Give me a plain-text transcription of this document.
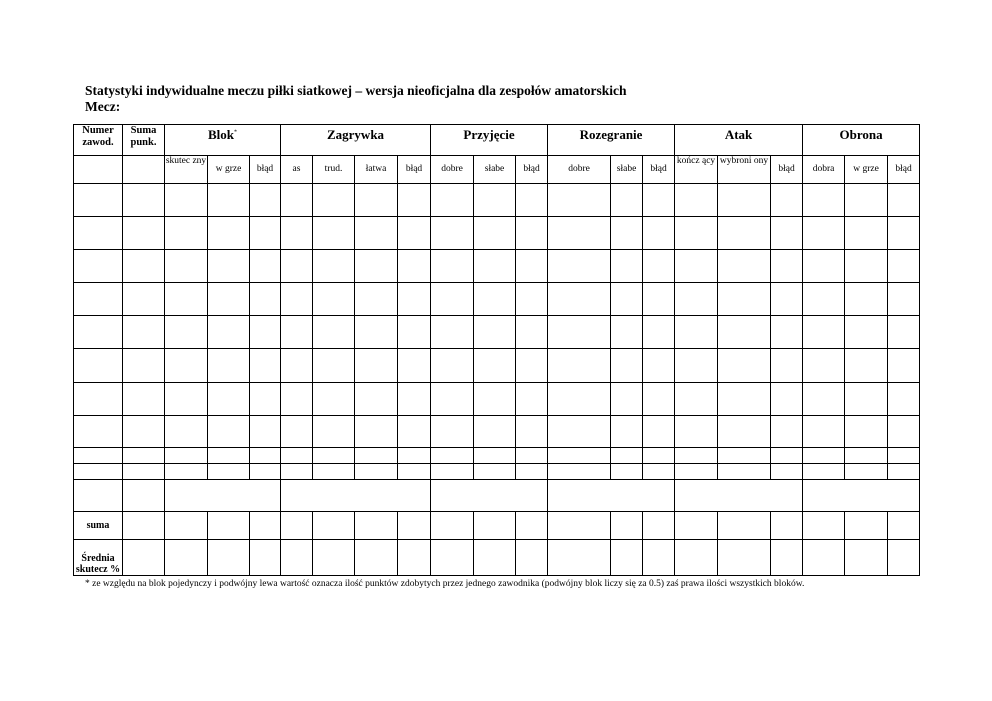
Statystyki indywidualne meczu piłki siatkowej – wersja nieoficjalna dla zespołów amatorskich
Mecz:
Numer zawod.	Suma punk.	Blok*			Zagrywka				Przyjęcie			Rozegranie			Atak			Obrona		
		skutec zny	w grze	błąd	as	trud.	łatwa	błąd	dobre	słabe	błąd	dobre	słabe	błąd	kończ ący	wybroni ony	błąd	dobra	w grze	błąd

suma																				
Średnia skutecz %																				
* ze względu na blok pojedynczy i podwójny lewa wartość oznacza ilość punktów zdobytych przez jednego zawodnika (podwójny blok liczy się za 0.5) zaś prawa ilości wszystkich bloków.
